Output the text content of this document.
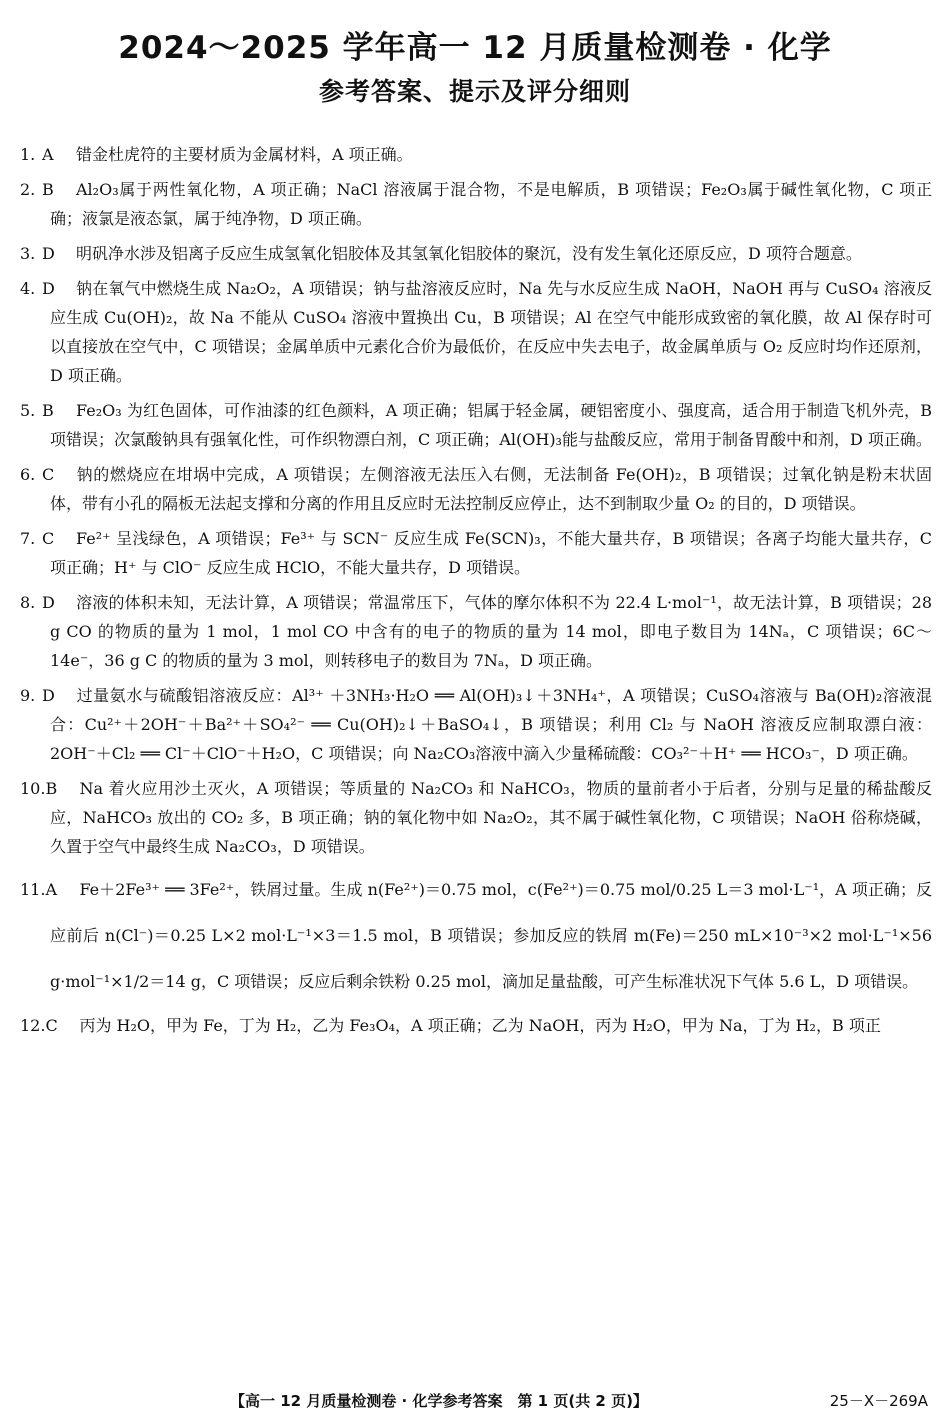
2024～2025 学年高一 12 月质量检测卷 · 化学
参考答案、提示及评分细则
1. A 错金杜虎符的主要材质为金属材料，A 项正确。
2. B Al₂O₃属于两性氧化物，A 项正确；NaCl 溶液属于混合物，不是电解质，B 项错误；Fe₂O₃属于碱性氧化物，C 项正确；液氯是液态氯，属于纯净物，D 项正确。
3. D 明矾净水涉及铝离子反应生成氢氧化铝胶体及其氢氧化铝胶体的聚沉，没有发生氧化还原反应，D 项符合题意。
4. D 钠在氧气中燃烧生成 Na₂O₂，A 项错误；钠与盐溶液反应时，Na 先与水反应生成 NaOH，NaOH 再与 CuSO₄ 溶液反应生成 Cu(OH)₂，故 Na 不能从 CuSO₄ 溶液中置换出 Cu，B 项错误；Al 在空气中能形成致密的氧化膜，故 Al 保存时可以直接放在空气中，C 项错误；金属单质中元素化合价为最低价，在反应中失去电子，故金属单质与 O₂ 反应时均作还原剂，D 项正确。
5. B Fe₂O₃ 为红色固体，可作油漆的红色颜料，A 项正确；铝属于轻金属，硬铝密度小、强度高，适合用于制造飞机外壳，B 项错误；次氯酸钠具有强氧化性，可作织物漂白剂，C 项正确；Al(OH)₃能与盐酸反应，常用于制备胃酸中和剂，D 项正确。
6. C 钠的燃烧应在坩埚中完成，A 项错误；左侧溶液无法压入右侧，无法制备 Fe(OH)₂，B 项错误；过氧化钠是粉末状固体，带有小孔的隔板无法起支撑和分离的作用且反应时无法控制反应停止，达不到制取少量 O₂ 的目的，D 项错误。
7. C Fe²⁺ 呈浅绿色，A 项错误；Fe³⁺ 与 SCN⁻ 反应生成 Fe(SCN)₃，不能大量共存，B 项错误；各离子均能大量共存，C 项正确；H⁺ 与 ClO⁻ 反应生成 HClO，不能大量共存，D 项错误。
8. D 溶液的体积未知，无法计算，A 项错误；常温常压下，气体的摩尔体积不为 22.4 L·mol⁻¹，故无法计算，B 项错误；28 g CO 的物质的量为 1 mol，1 mol CO 中含有的电子的物质的量为 14 mol，即电子数目为 14Nₐ，C 项错误；6C～14e⁻，36 g C 的物质的量为 3 mol，则转移电子的数目为 7Nₐ，D 项正确。
9. D 过量氨水与硫酸铝溶液反应：Al³⁺ ＋3NH₃·H₂O ══ Al(OH)₃↓＋3NH₄⁺，A 项错误；CuSO₄溶液与 Ba(OH)₂溶液混合：Cu²⁺＋2OH⁻＋Ba²⁺＋SO₄²⁻ ══ Cu(OH)₂↓＋BaSO₄↓，B 项错误；利用 Cl₂ 与 NaOH 溶液反应制取漂白液：2OH⁻＋Cl₂ ══ Cl⁻＋ClO⁻＋H₂O，C 项错误；向 Na₂CO₃溶液中滴入少量稀硫酸：CO₃²⁻＋H⁺ ══ HCO₃⁻，D 项正确。
10.B Na 着火应用沙土灭火，A 项错误；等质量的 Na₂CO₃ 和 NaHCO₃，物质的量前者小于后者，分别与足量的稀盐酸反应，NaHCO₃ 放出的 CO₂ 多，B 项正确；钠的氧化物中如 Na₂O₂，其不属于碱性氧化物，C 项错误；NaOH 俗称烧碱，久置于空气中最终生成 Na₂CO₃，D 项错误。
11.A Fe＋2Fe³⁺ ══ 3Fe²⁺，铁屑过量。生成 n(Fe²⁺)＝0.75 mol，c(Fe²⁺)＝0.75 mol/0.25 L＝3 mol·L⁻¹，A 项正确；反应前后 n(Cl⁻)＝0.25 L×2 mol·L⁻¹×3＝1.5 mol，B 项错误；参加反应的铁屑 m(Fe)＝250 mL×10⁻³×2 mol·L⁻¹×56 g·mol⁻¹×1/2＝14 g，C 项错误；反应后剩余铁粉 0.25 mol，滴加足量盐酸，可产生标准状况下气体 5.6 L，D 项错误。
12.C 丙为 H₂O，甲为 Fe，丁为 H₂，乙为 Fe₃O₄，A 项正确；乙为 NaOH，丙为 H₂O，甲为 Na，丁为 H₂，B 项正
【高一 12 月质量检测卷 · 化学参考答案　第 1 页(共 2 页)】	25－X－269A
